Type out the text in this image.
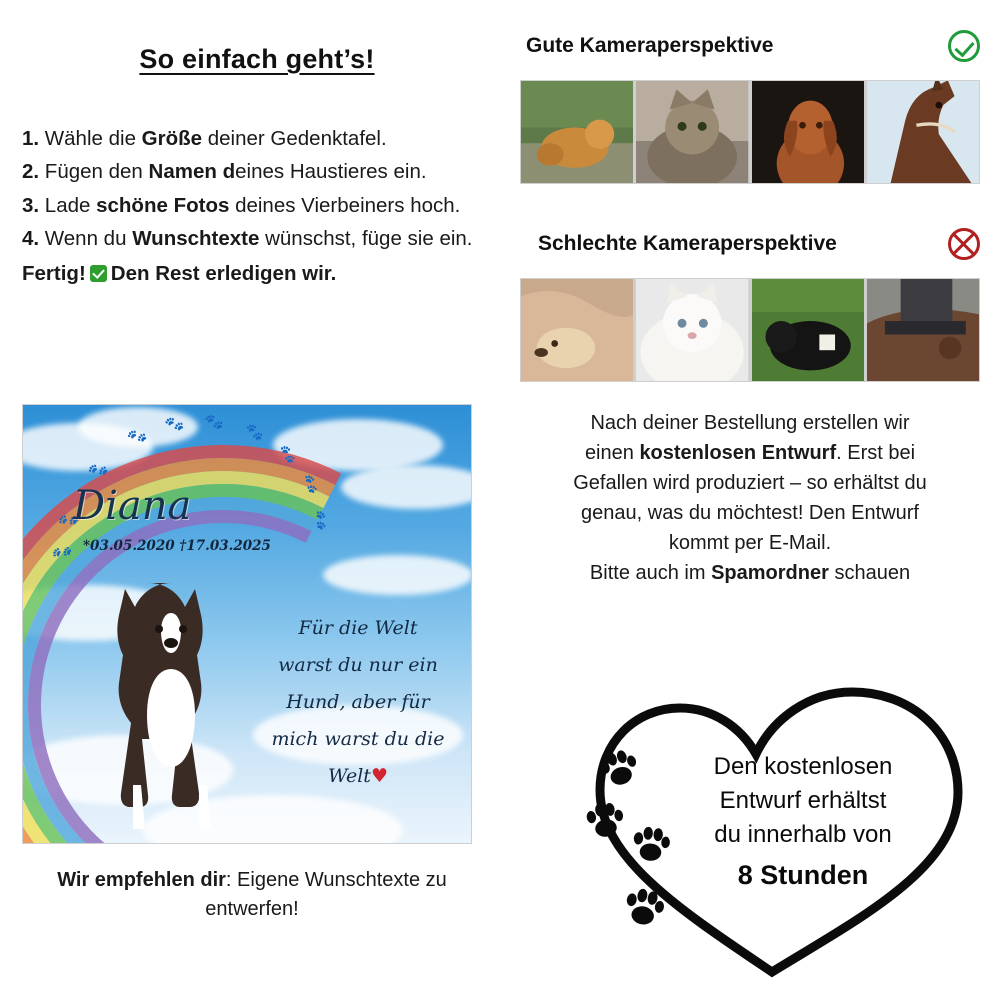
So einfach geht’s!
1. Wähle die Größe deiner Gedenktafel.
2. Fügen den Namen deines Haustieres ein.
3. Lade schöne Fotos deines Vierbeiners hoch.
4. Wenn du Wunschtexte wünschst, füge sie ein.
Fertig! Den Rest erledigen wir.
🐾
🐾 🐾
🐾
🐾
🐾
🐾
🐾
🐾
🐾
Diana
*03.05.2020 †17.03.2025
Für die Welt
warst du nur ein
Hund, aber für
mich warst du die
Welt♥
Wir empfehlen dir: Eigene Wunschtexte zu entwerfen!
Gute Kameraperspektive
Schlechte Kameraperspektive
Nach deiner Bestellung erstellen wir
einen kostenlosen Entwurf. Erst bei
Gefallen wird produziert – so erhältst du
genau, was du möchtest! Den Entwurf
kommt per E-Mail.
Bitte auch im Spamordner schauen
Den kostenlosen
Entwurf erhältst
du innerhalb von
8 Stunden
